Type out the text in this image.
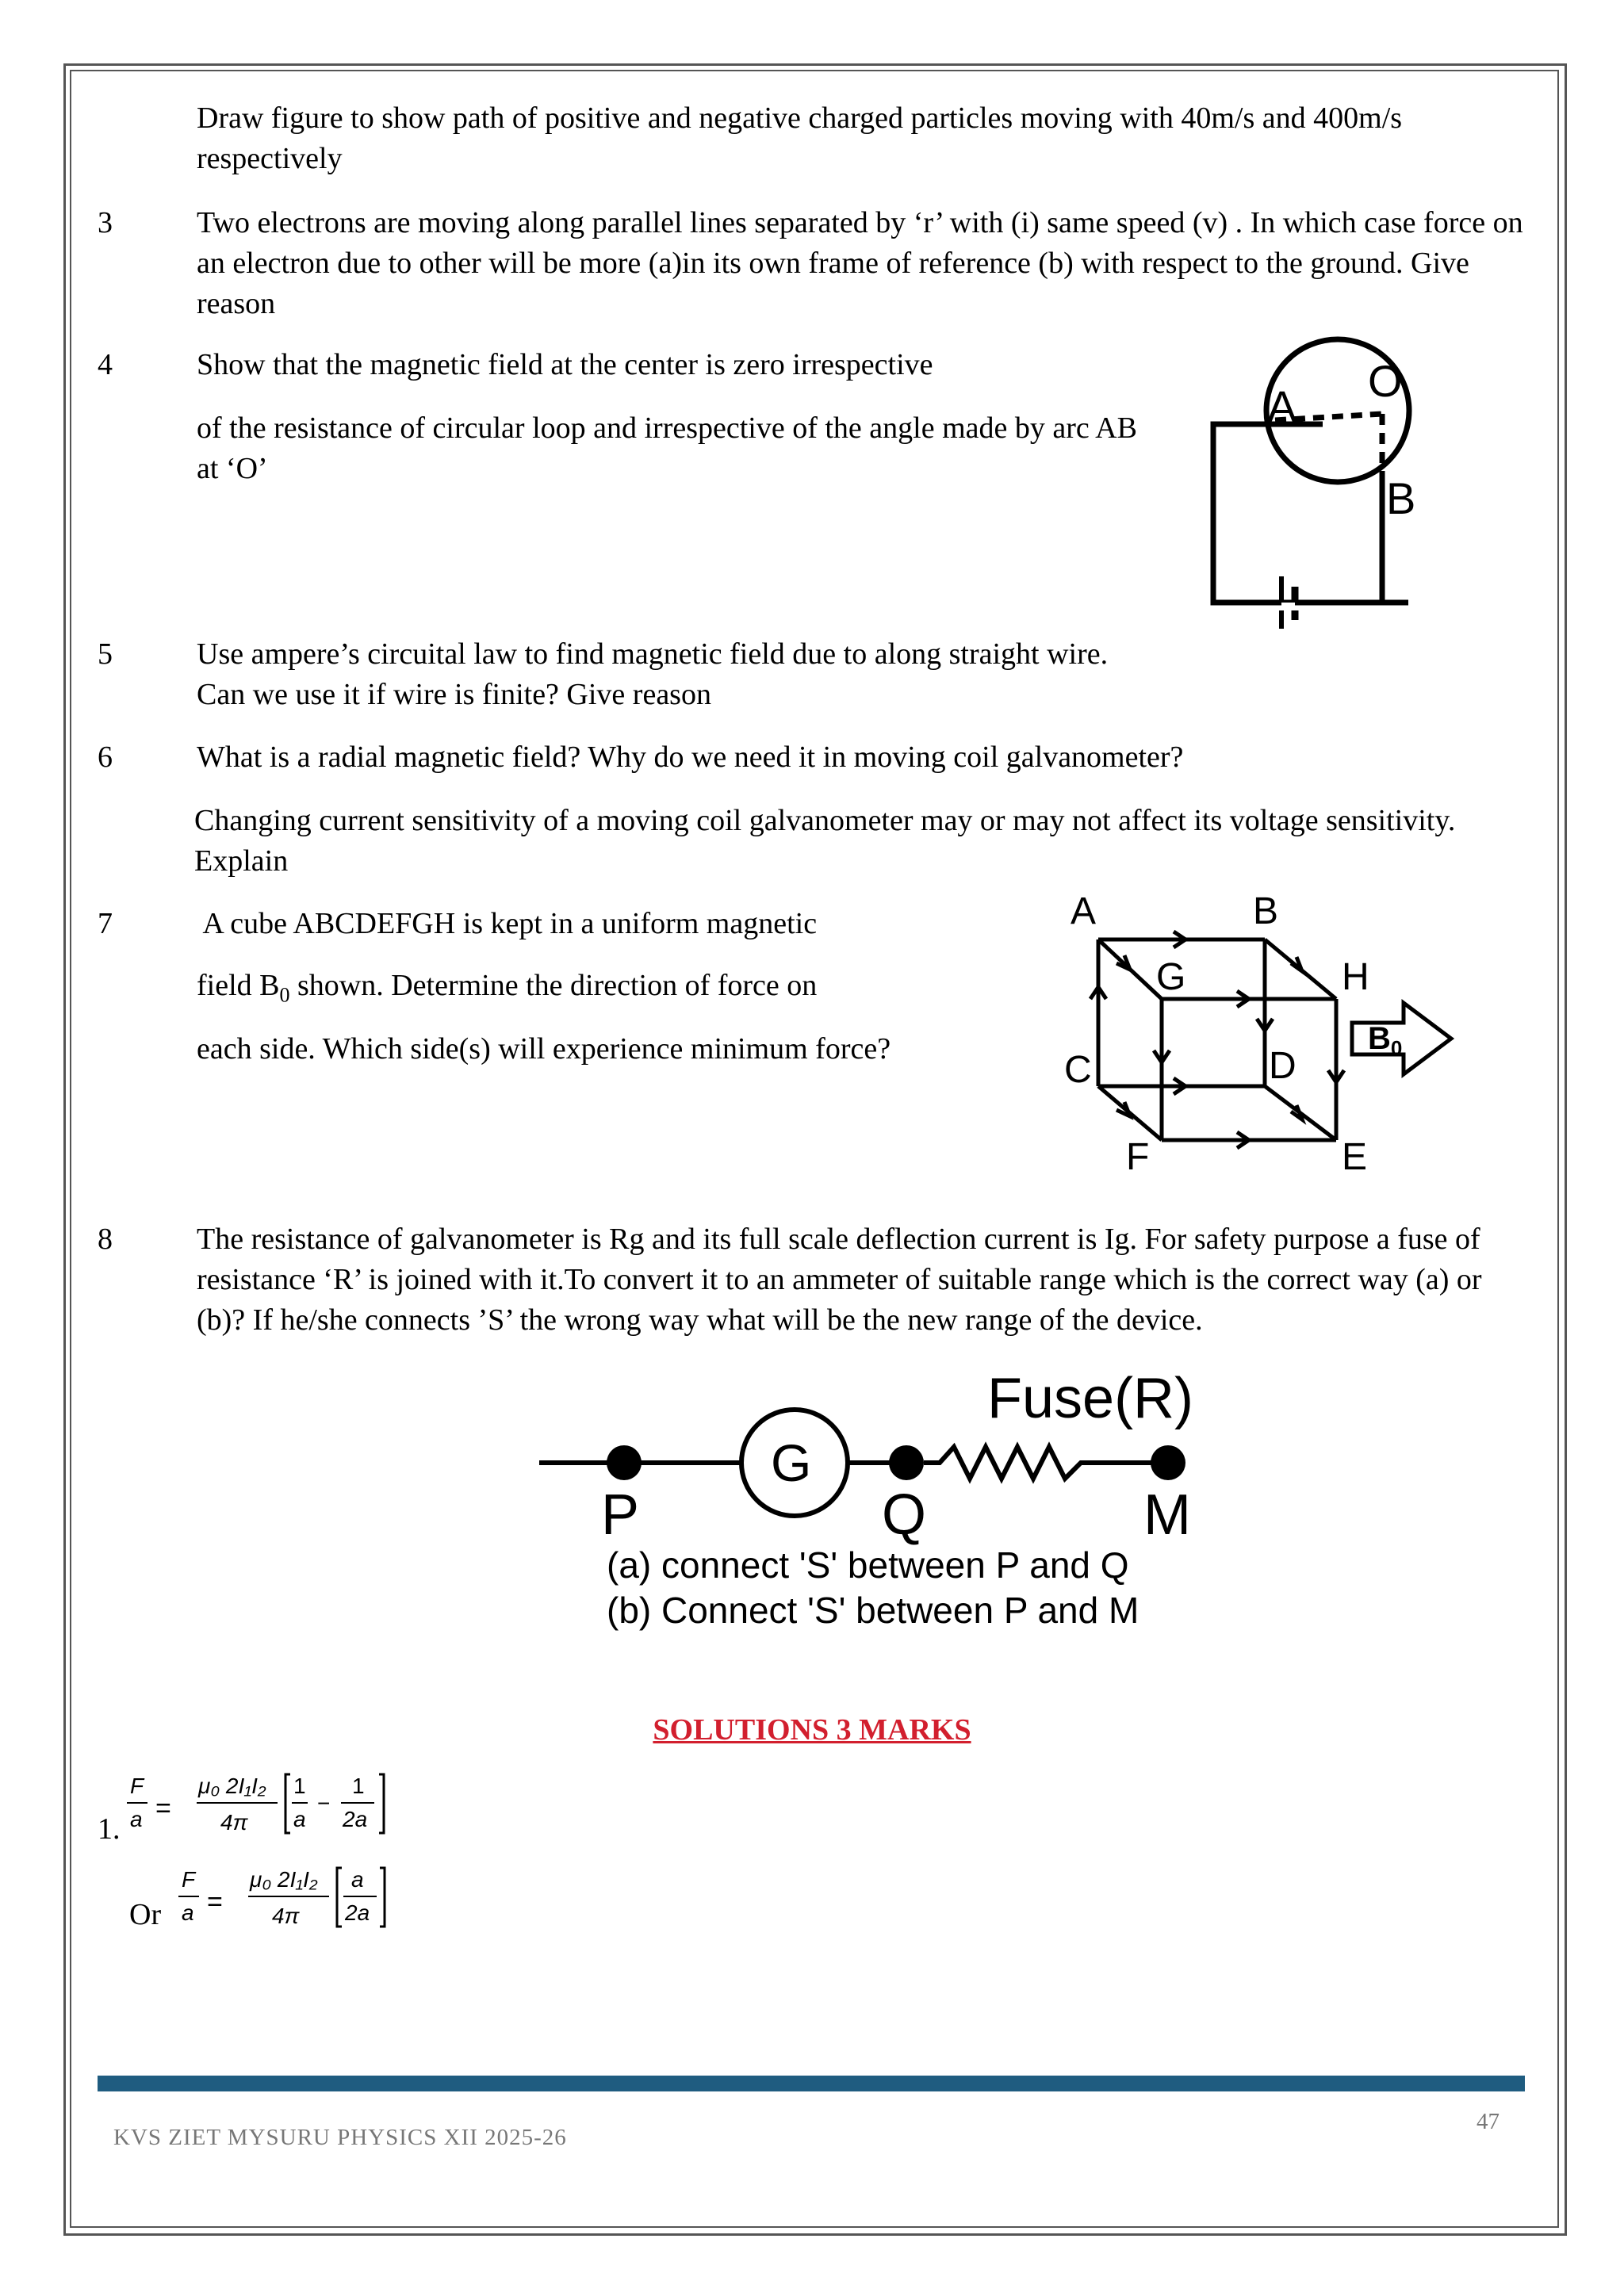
Draw figure to show path of positive and negative charged particles moving with 40m/s and 400m/s respectively
3	Two electrons are moving along parallel lines separated by ‘r’ with (i) same speed (v) . In which case force on an electron due to other will be more (a)in its own frame of reference (b) with respect to the ground. Give reason
4	Show that the magnetic field at the center is zero irrespective
of the resistance of circular loop and irrespective of the angle made by arc AB at ‘O’
A
O
B
5	Use ampere’s circuital law to find magnetic field due to along straight wire. Can we use it if wire is finite? Give reason
6	What is a radial magnetic field? Why do we need it in moving coil galvanometer?
Changing current sensitivity of a moving coil galvanometer may or may not affect its voltage sensitivity. Explain
7	A cube ABCDEFGH is kept in a uniform magnetic
field $B_0$ shown. Determine the direction of force on
each side. Which side(s) will experience minimum force?	$B_0$
A	B
G	H
C	D
F	E
8	The resistance of galvanometer is Rg and its full scale deflection current is Ig. For safety purpose a fuse of resistance ‘R’ is joined with it.To convert it to an ammeter of suitable range which is the correct way (a) or (b)? If he/she connects ’S’ the wrong way what will be the new range of the device.
G
Fuse(R)
P	Q	M
(a) connect 'S' between P and Q
(b) Connect 'S' between P and M
SOLUTIONS 3 MARKS
1.
F
a =
μ₀ 2I₁I₂
4π
1
a
−
1
2a
Or
F
a =
μ₀ 2I₁I₂
4π
a
2a
KVS ZIET MYSURU PHYSICS XII 2025-26
47
